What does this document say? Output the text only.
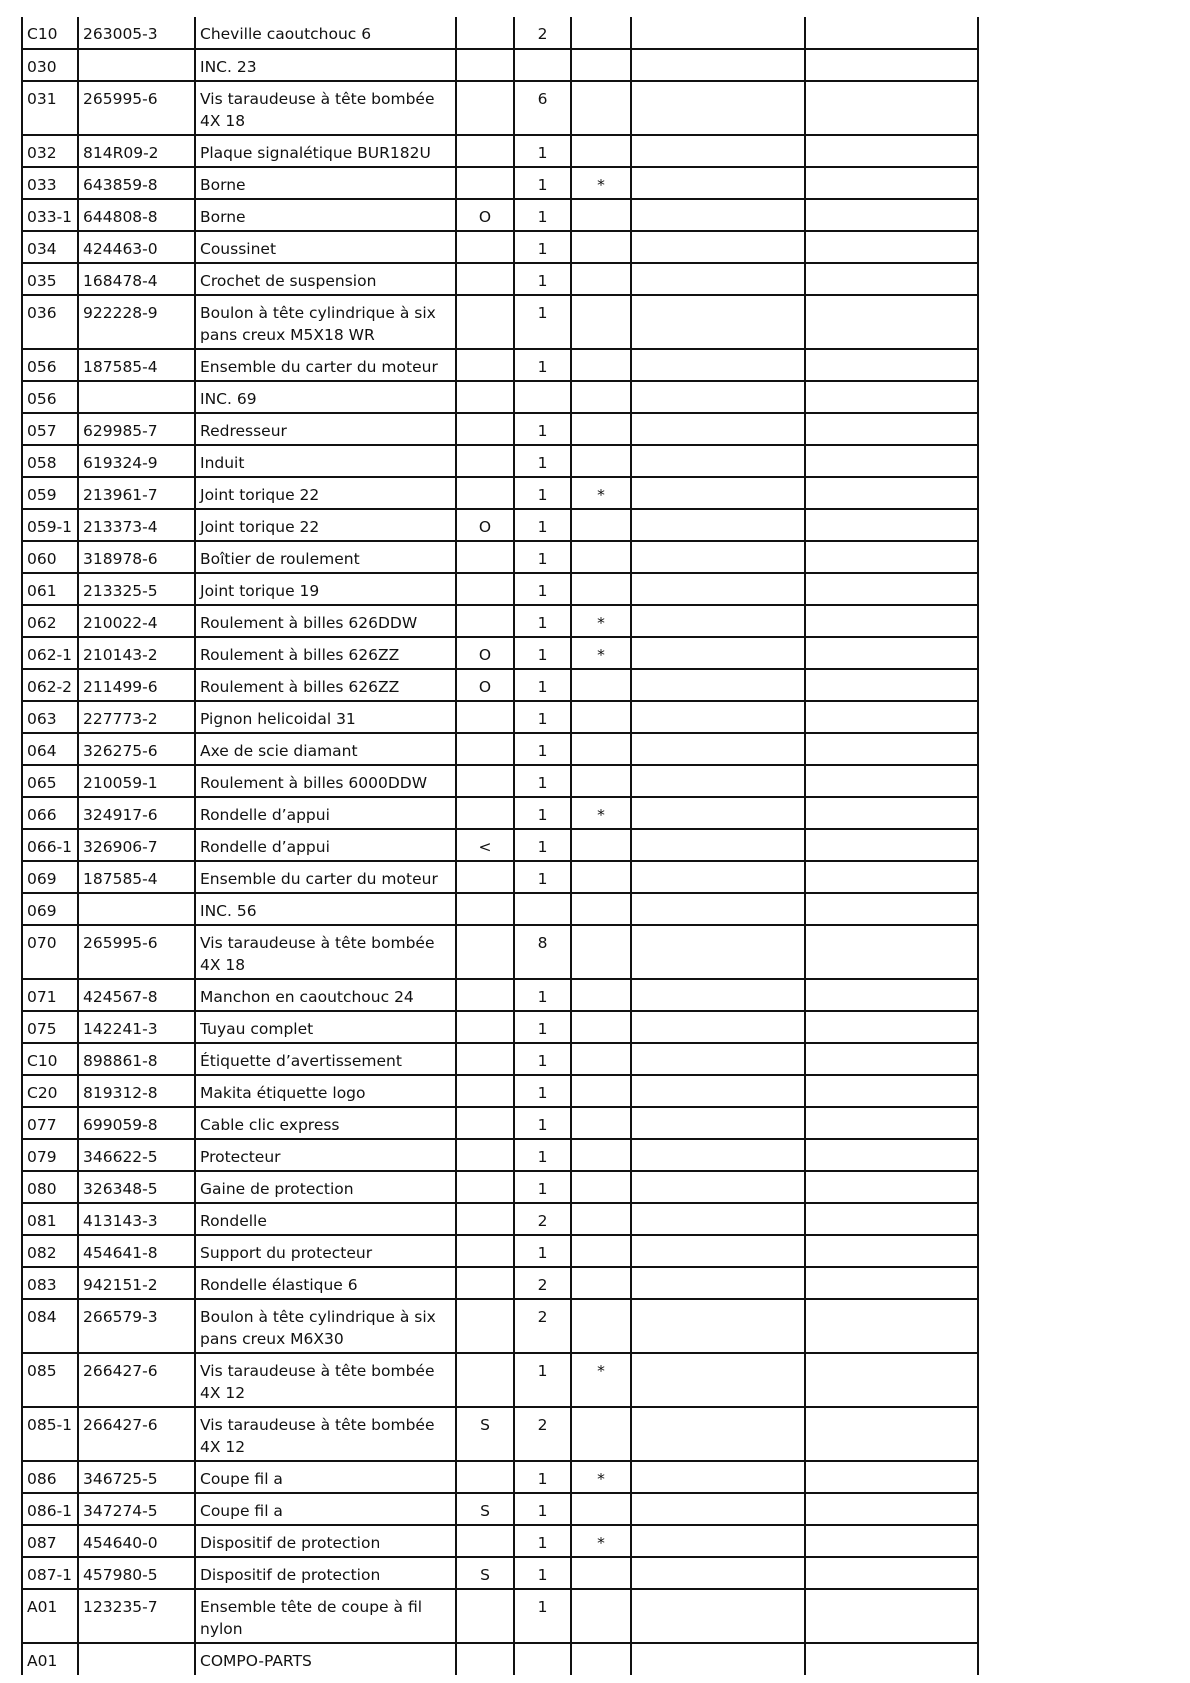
C10	263005-3	Cheville caoutchouc 6		2			
030		INC. 23					
031	265995-6	Vis taraudeuse à tête bombée 4X 18		6			
032	814R09-2	Plaque signalétique BUR182U		1			
033	643859-8	Borne		1	*		
033-1	644808-8	Borne	O	1			
034	424463-0	Coussinet		1			
035	168478-4	Crochet de suspension		1			
036	922228-9	Boulon à tête cylindrique à six pans creux M5X18 WR		1			
056	187585-4	Ensemble du carter du moteur		1			
056		INC. 69					
057	629985-7	Redresseur		1			
058	619324-9	Induit		1			
059	213961-7	Joint torique 22		1	*		
059-1	213373-4	Joint torique 22	O	1			
060	318978-6	Boîtier de roulement		1			
061	213325-5	Joint torique 19		1			
062	210022-4	Roulement à billes 626DDW		1	*		
062-1	210143-2	Roulement à billes 626ZZ	O	1	*		
062-2	211499-6	Roulement à billes 626ZZ	O	1			
063	227773-2	Pignon helicoidal 31		1			
064	326275-6	Axe de scie diamant		1			
065	210059-1	Roulement à billes 6000DDW		1			
066	324917-6	Rondelle d’appui		1	*		
066-1	326906-7	Rondelle d’appui	<	1			
069	187585-4	Ensemble du carter du moteur		1			
069		INC. 56					
070	265995-6	Vis taraudeuse à tête bombée 4X 18		8			
071	424567-8	Manchon en caoutchouc 24		1			
075	142241-3	Tuyau complet		1			
C10	898861-8	Étiquette d’avertissement		1			
C20	819312-8	Makita étiquette logo		1			
077	699059-8	Cable clic express		1			
079	346622-5	Protecteur		1			
080	326348-5	Gaine de protection		1			
081	413143-3	Rondelle		2			
082	454641-8	Support du protecteur		1			
083	942151-2	Rondelle élastique 6		2			
084	266579-3	Boulon à tête cylindrique à six pans creux M6X30		2			
085	266427-6	Vis taraudeuse à tête bombée 4X 12		1	*		
085-1	266427-6	Vis taraudeuse à tête bombée 4X 12	S	2			
086	346725-5	Coupe fil a		1	*		
086-1	347274-5	Coupe fil a	S	1			
087	454640-0	Dispositif de protection		1	*		
087-1	457980-5	Dispositif de protection	S	1			
A01	123235-7	Ensemble tête de coupe à fil nylon		1			
A01		COMPO-PARTS					
